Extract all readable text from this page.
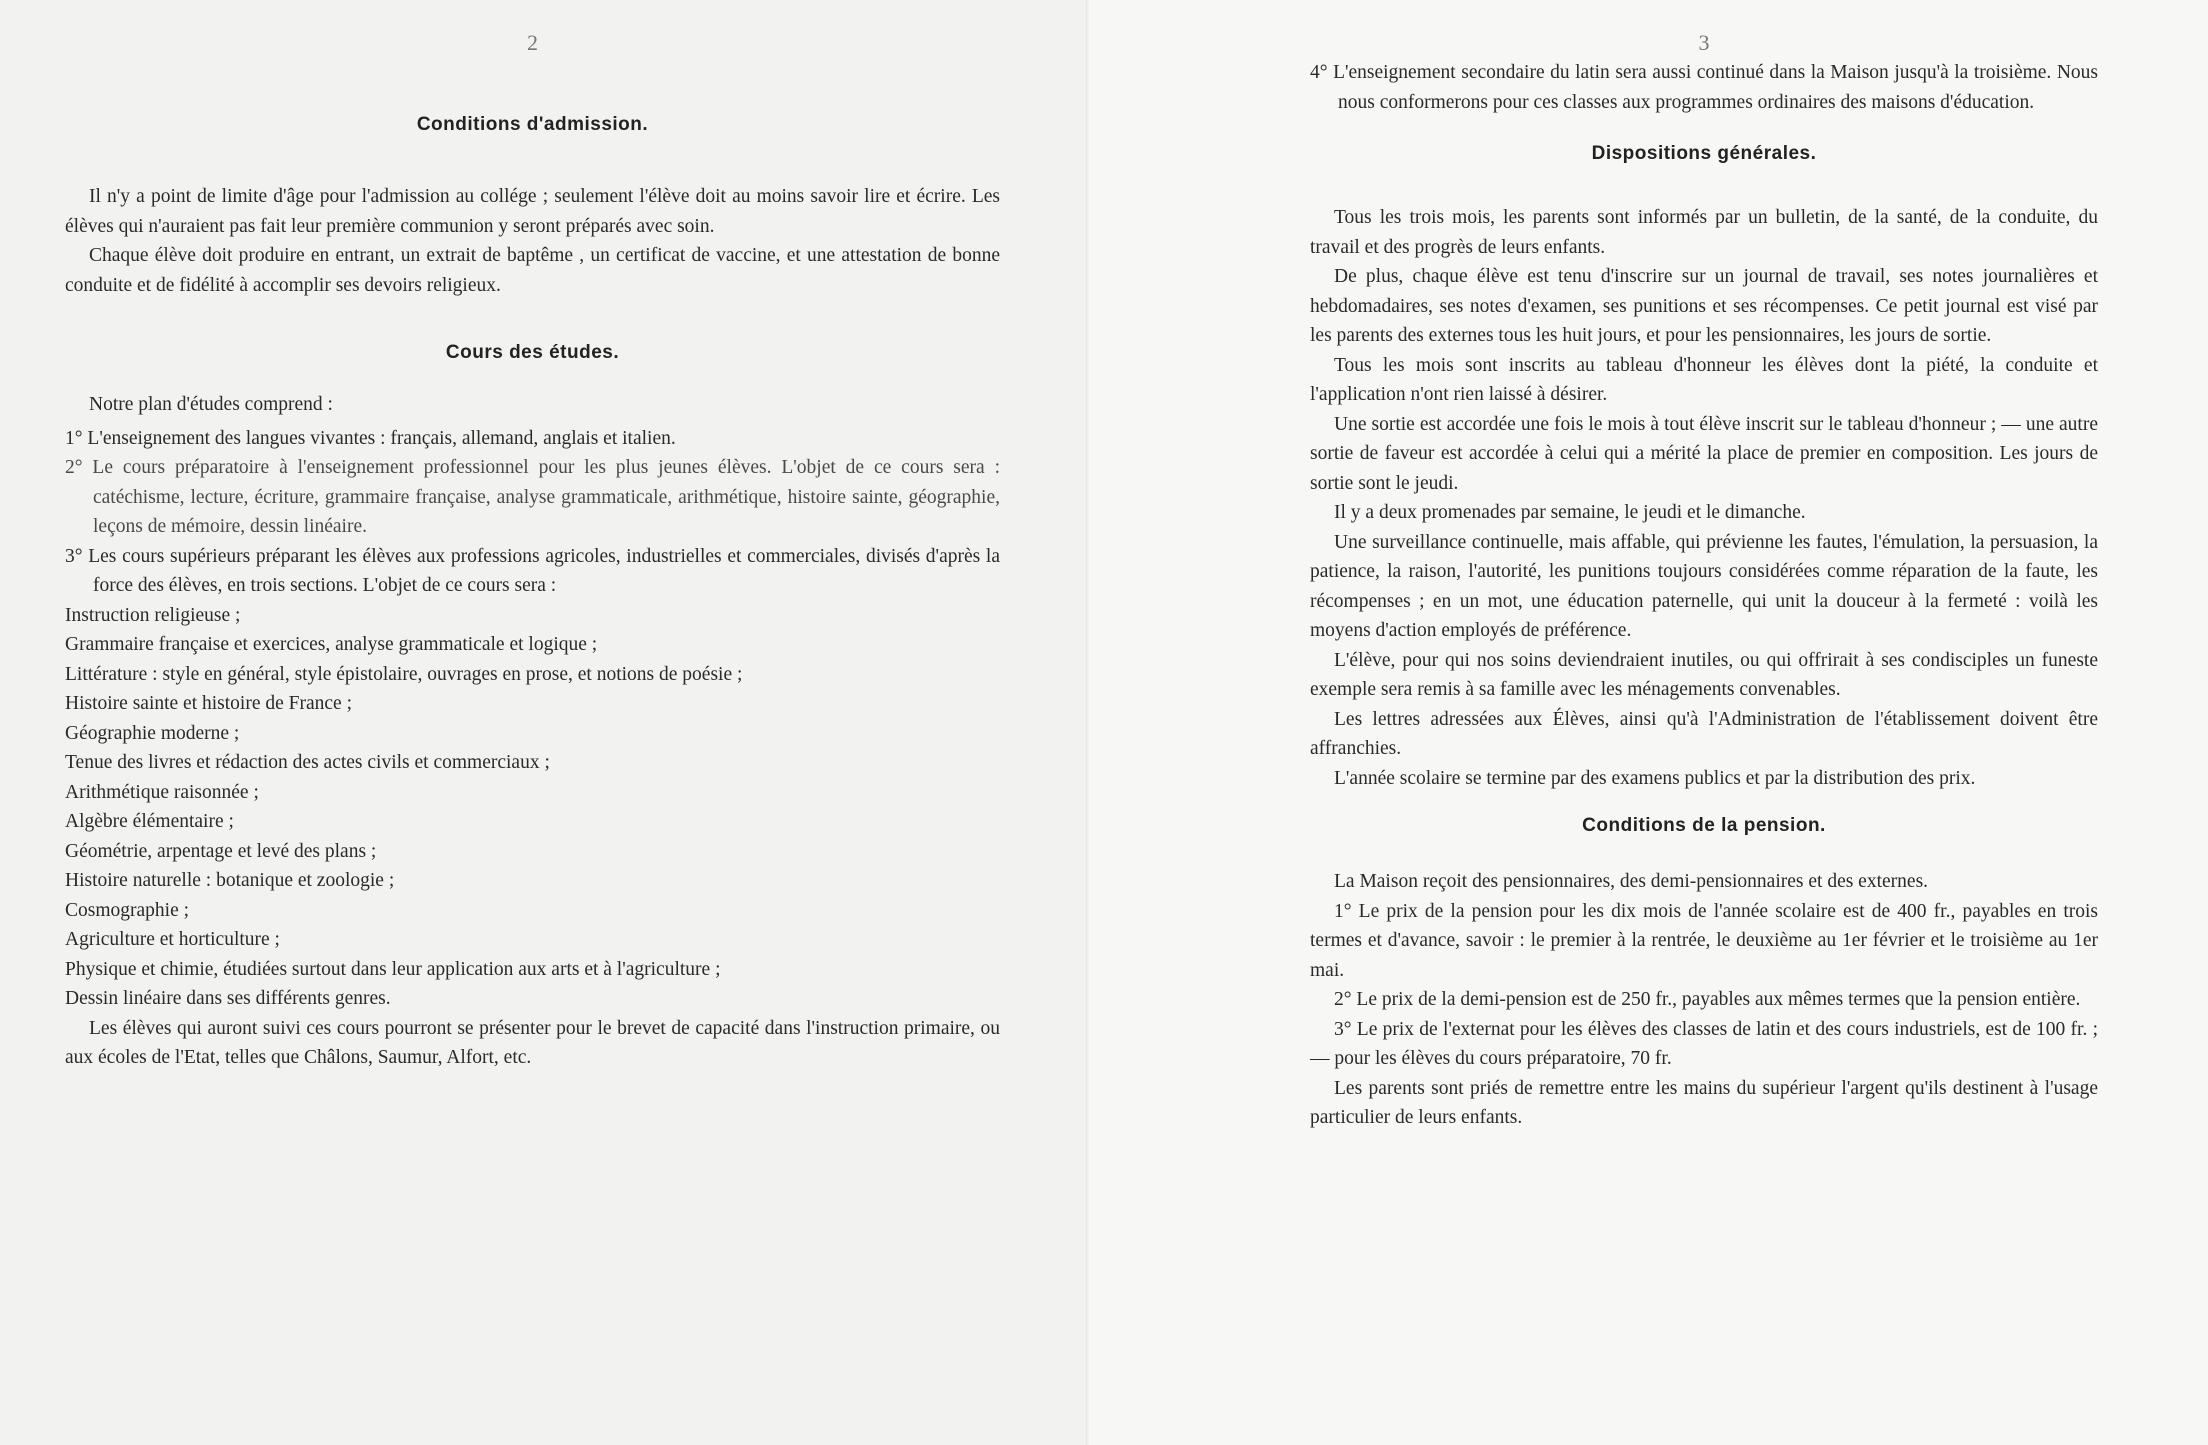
2
Conditions d'admission.

Il n'y a point de limite d'âge pour l'admission au collége ; seulement l'élève doit au moins savoir lire et écrire. Les élèves qui n'auraient pas fait leur première communion y seront préparés avec soin.

Chaque élève doit produire en entrant, un extrait de baptême , un certificat de vaccine, et une attestation de bonne conduite et de fidélité à accomplir ses devoirs religieux.

Cours des études.

Notre plan d'études comprend :

1° L'enseignement des langues vivantes : français, allemand, anglais et italien.

2° Le cours préparatoire à l'enseignement professionnel pour les plus jeunes élèves. L'objet de ce cours sera : catéchisme, lecture, écriture, grammaire française, analyse grammaticale, arithmétique, histoire sainte, géographie, leçons de mémoire, dessin linéaire.

3° Les cours supérieurs préparant les élèves aux professions agricoles, industrielles et commerciales, divisés d'après la force des élèves, en trois sections. L'objet de ce cours sera :

Instruction religieuse ;

Grammaire française et exercices, analyse grammaticale et logique ;

Littérature : style en général, style épistolaire, ouvrages en prose, et notions de poésie ;

Histoire sainte et histoire de France ;

Géographie moderne ;

Tenue des livres et rédaction des actes civils et commerciaux ;

Arithmétique raisonnée ;

Algèbre élémentaire ;

Géométrie, arpentage et levé des plans ;

Histoire naturelle : botanique et zoologie ;

Cosmographie ;

Agriculture et horticulture ;

Physique et chimie, étudiées surtout dans leur application aux arts et à l'agriculture ;

Dessin linéaire dans ses différents genres.

Les élèves qui auront suivi ces cours pourront se présenter pour le brevet de capacité dans l'instruction primaire, ou aux écoles de l'Etat, telles que Châlons, Saumur, Alfort, etc.

3

4° L'enseignement secondaire du latin sera aussi continué dans la Maison jusqu'à la troisième. Nous nous conformerons pour ces classes aux programmes ordinaires des maisons d'éducation.

Dispositions générales.

Tous les trois mois, les parents sont informés par un bulletin, de la santé, de la conduite, du travail et des progrès de leurs enfants.

De plus, chaque élève est tenu d'inscrire sur un journal de travail, ses notes journalières et hebdomadaires, ses notes d'examen, ses punitions et ses récompenses. Ce petit journal est visé par les parents des externes tous les huit jours, et pour les pensionnaires, les jours de sortie.

Tous les mois sont inscrits au tableau d'honneur les élèves dont la piété, la conduite et l'application n'ont rien laissé à désirer.

Une sortie est accordée une fois le mois à tout élève inscrit sur le tableau d'honneur ; — une autre sortie de faveur est accordée à celui qui a mérité la place de premier en composition. Les jours de sortie sont le jeudi.

Il y a deux promenades par semaine, le jeudi et le dimanche.

Une surveillance continuelle, mais affable, qui prévienne les fautes, l'émulation, la persuasion, la patience, la raison, l'autorité, les punitions toujours considérées comme réparation de la faute, les récompenses ; en un mot, une éducation paternelle, qui unit la douceur à la fermeté : voilà les moyens d'action employés de préférence.

L'élève, pour qui nos soins deviendraient inutiles, ou qui offrirait à ses condisciples un funeste exemple sera remis à sa famille avec les ménagements convenables.

Les lettres adressées aux Élèves, ainsi qu'à l'Administration de l'établissement doivent être affranchies.

L'année scolaire se termine par des examens publics et par la distribution des prix.

Conditions de la pension.

La Maison reçoit des pensionnaires, des demi-pensionnaires et des externes.

1° Le prix de la pension pour les dix mois de l'année scolaire est de 400 fr., payables en trois termes et d'avance, savoir : le premier à la rentrée, le deuxième au 1er février et le troisième au 1er mai.

2° Le prix de la demi-pension est de 250 fr., payables aux mêmes termes que la pension entière.

3° Le prix de l'externat pour les élèves des classes de latin et des cours industriels, est de 100 fr. ; — pour les élèves du cours préparatoire, 70 fr.

Les parents sont priés de remettre entre les mains du supérieur l'argent qu'ils destinent à l'usage particulier de leurs enfants.
